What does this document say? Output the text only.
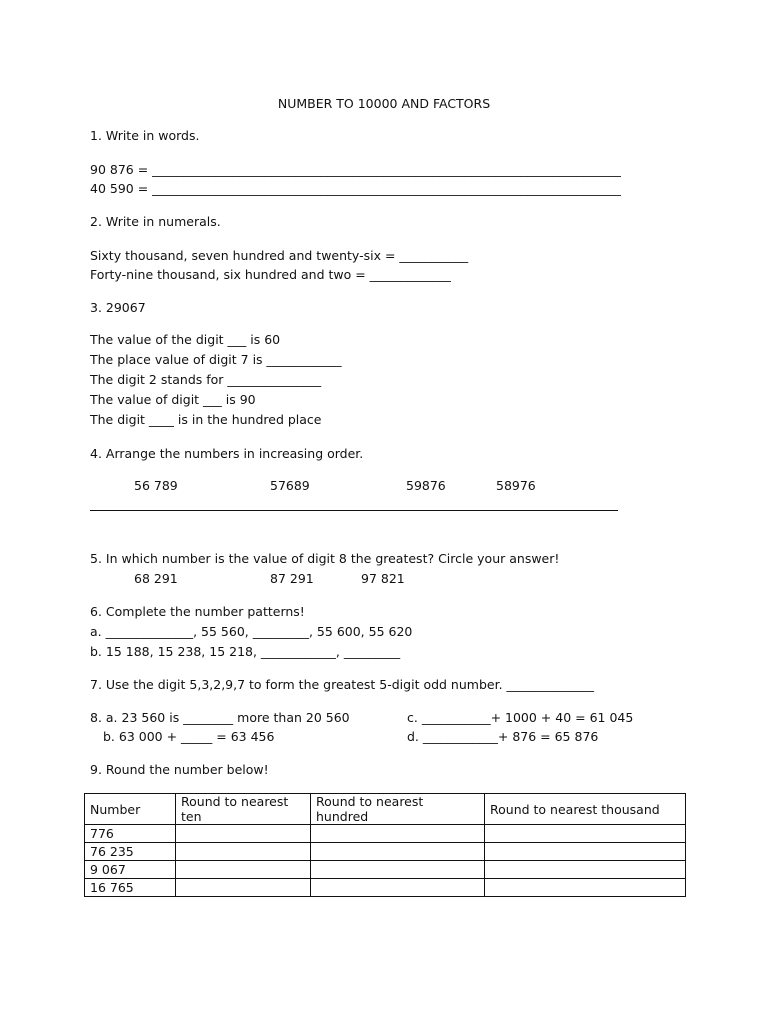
NUMBER TO 10000 AND FACTORS
1. Write in words.
90 876 = ___________________________________________________________________________
40 590 = ___________________________________________________________________________
2. Write in numerals.
Sixty thousand, seven hundred and twenty-six = ___________
Forty-nine thousand, six hundred and two = _____________
3. 29067
The value of the digit ___ is 60
The place value of digit 7 is ____________
The digit 2 stands for _______________
The value of digit ___ is 90
The digit ____ is in the hundred place
4. Arrange the numbers in increasing order.
56 789	57689	59876	58976
5. In which number is the value of digit 8 the greatest? Circle your answer!
68 291	87 291	97 821
6. Complete the number patterns!
a. ______________, 55 560, _________, 55 600, 55 620
b. 15 188, 15 238, 15 218, ____________, _________
7. Use the digit 5,3,2,9,7 to form the greatest 5-digit odd number. ______________
8. a. 23 560 is ________ more than 20 560
b. 63 000 + _____ = 63 456
c. ___________+ 1000 + 40 = 61 045
d. ____________+ 876 = 65 876
9. Round the number below!
Number	Round to nearest ten	Round to nearest hundred	Round to nearest thousand
776			
76 235			
9 067			
16 765			
